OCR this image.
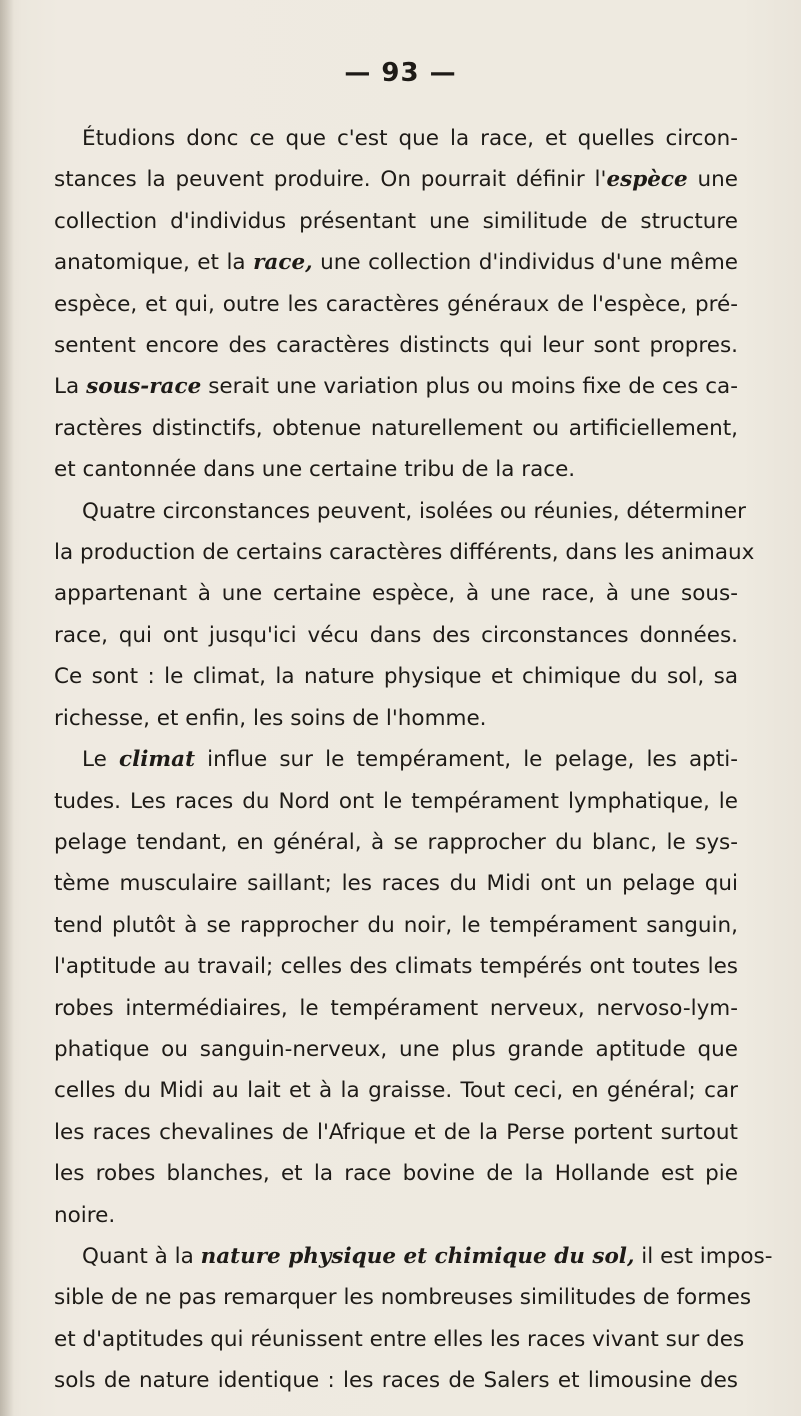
— 93 —
Étudions donc ce que c'est que la race, et quelles circon-
stances la peuvent produire. On pourrait définir l'espèce une
collection d'individus présentant une similitude de structure
anatomique, et la race, une collection d'individus d'une même
espèce, et qui, outre les caractères généraux de l'espèce, pré-
sentent encore des caractères distincts qui leur sont propres.
La sous-race serait une variation plus ou moins fixe de ces ca-
ractères distinctifs, obtenue naturellement ou artificiellement,
et cantonnée dans une certaine tribu de la race.
Quatre circonstances peuvent, isolées ou réunies, déterminer
la production de certains caractères différents, dans les animaux
appartenant à une certaine espèce, à une race, à une sous-
race, qui ont jusqu'ici vécu dans des circonstances données.
Ce sont : le climat, la nature physique et chimique du sol, sa
richesse, et enfin, les soins de l'homme.
Le climat influe sur le tempérament, le pelage, les apti-
tudes. Les races du Nord ont le tempérament lymphatique, le
pelage tendant, en général, à se rapprocher du blanc, le sys-
tème musculaire saillant; les races du Midi ont un pelage qui
tend plutôt à se rapprocher du noir, le tempérament sanguin,
l'aptitude au travail; celles des climats tempérés ont toutes les
robes intermédiaires, le tempérament nerveux, nervoso-lym-
phatique ou sanguin-nerveux, une plus grande aptitude que
celles du Midi au lait et à la graisse. Tout ceci, en général; car
les races chevalines de l'Afrique et de la Perse portent surtout
les robes blanches, et la race bovine de la Hollande est pie
noire.
Quant à la nature physique et chimique du sol, il est impos-
sible de ne pas remarquer les nombreuses similitudes de formes
et d'aptitudes qui réunissent entre elles les races vivant sur des
sols de nature identique : les races de Salers et limousine des
